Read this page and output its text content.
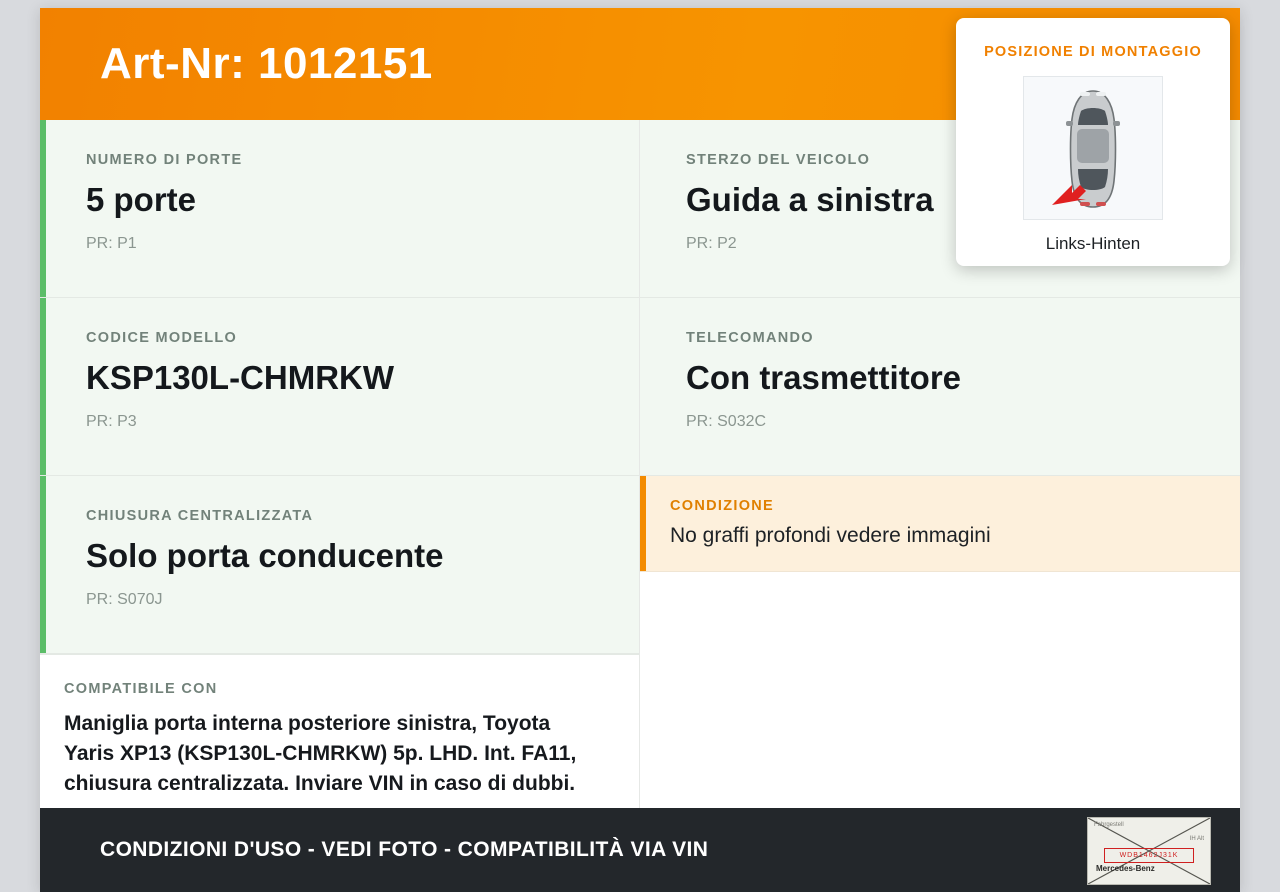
Art-Nr: 1012151
NUMERO DI PORTE
5 porte
PR: P1
CODICE MODELLO
KSP130L-CHMRKW
PR: P3
CHIUSURA CENTRALIZZATA
Solo porta conducente
PR: S070J
COMPATIBILE CON
Maniglia porta interna posteriore sinistra, Toyota Yaris XP13 (KSP130L-CHMRKW) 5p. LHD. Int. FA11, chiusura centralizzata. Inviare VIN in caso di dubbi.
STERZO DEL VEICOLO
Guida a sinistra
PR: P2
TELECOMANDO
Con trasmettitore
PR: S032C
CONDIZIONE
No graffi profondi vedere immagini
CONDIZIONI D'USO - VEDI FOTO - COMPATIBILITÀ VIA VIN
Fahrgestell
IH Alt
WDB1462J31K
Mercedes-Benz
POSIZIONE DI MONTAGGIO
Links-Hinten
